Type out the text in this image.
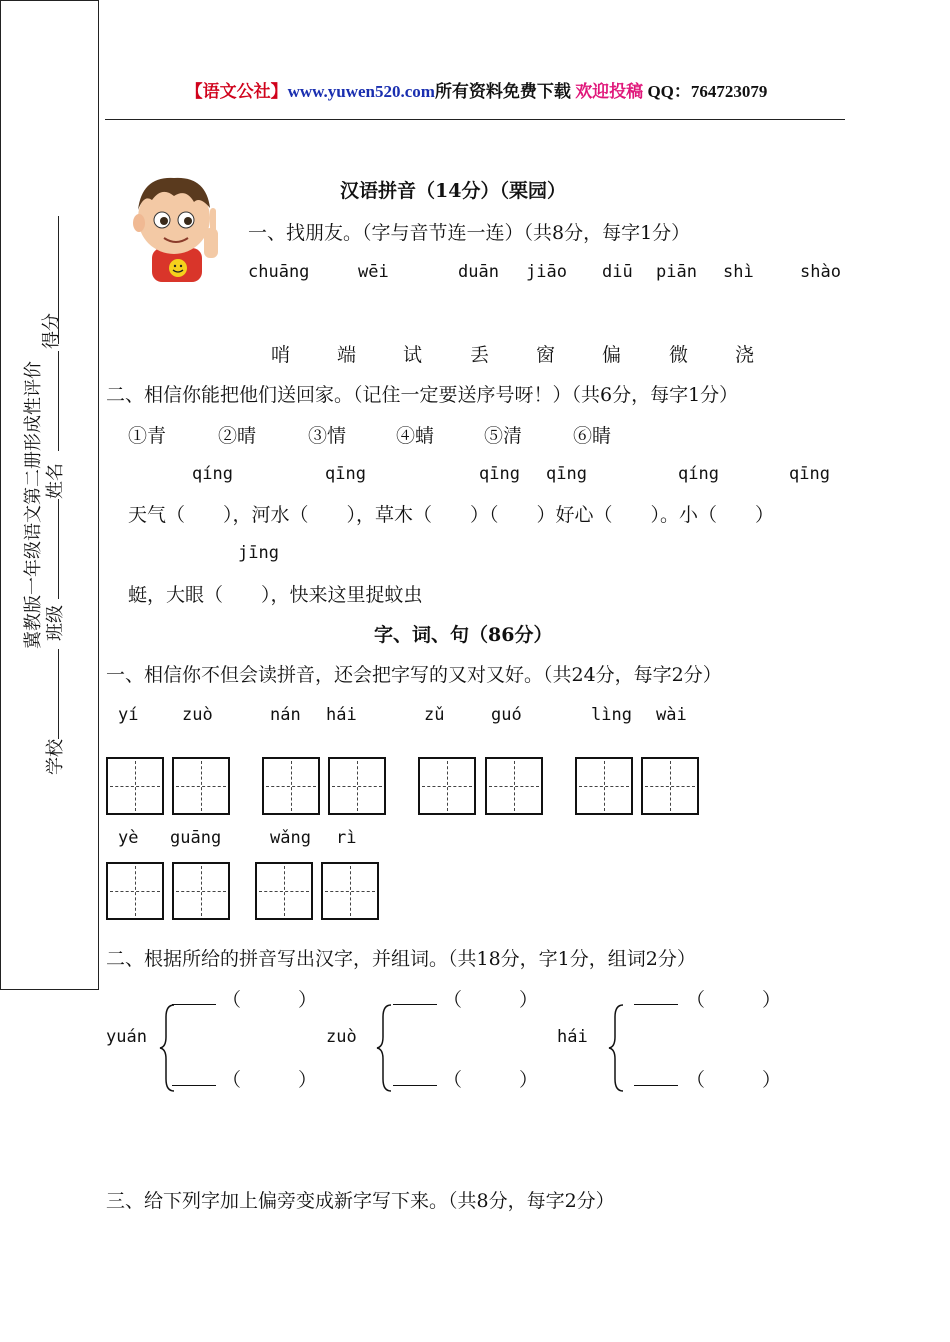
冀教版一年级语文第二册形成性评价
得分
姓名
班级
学校
【语文公社】www.yuwen520.com所有资料免费下载 欢迎投稿 QQ：764723079
汉语拼音（14分）（栗园）
一、找朋友。（字与音节连一连）（共8分，每字1分）
chuāng	wēi	duān jiāo diū piān shì	shào
哨 端 试	丢 窗 偏	微 浇
二、相信你能把他们送回家。（记住一定要送序号呀！）（共6分，每字1分）
①青	②晴	③情	④蜻	⑤清	⑥睛
qíng	qīng	qīng qīng	qíng	qīng
天气（　　），河水（　　），草木（　　）（　　）好心（　　）。小（　　）
jīng
蜓，大眼（　　），快来这里捉蚊虫
字、词、句（86分）
一、相信你不但会读拼音，还会把字写的又对又好。（共24分，每字2分）
yí	zuò	nán hái	zǔ	guó	lìng wài
yè guāng	wǎng rì
二、根据所给的拼音写出汉字，并组词。（共18分，字1分，组词2分）
yuán	zuò	hái
（　　　）
（　　　）
（　　　）
（　　　）
（　　　）
（　　　）
三、给下列字加上偏旁变成新字写下来。（共8分，每字2分）
